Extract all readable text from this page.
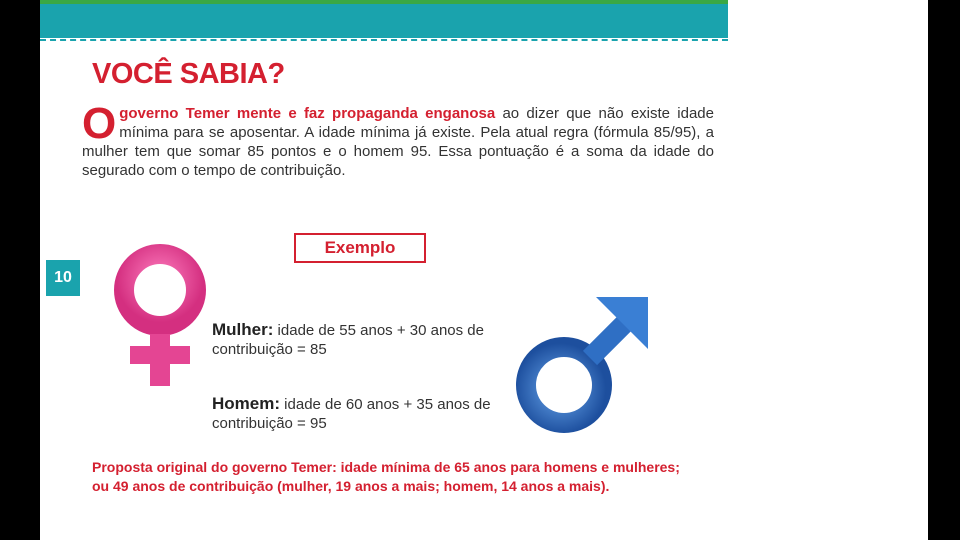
VOCÊ SABIA?
Ogoverno Temer mente e faz propaganda enganosa ao dizer que não existe idade mínima para se aposentar. A idade mínima já existe. Pela atual regra (fórmula 85/95), a mulher tem que somar 85 pontos e o homem 95. Essa pontuação é a soma da idade do segurado com o tempo de contribuição.
10
Exemplo
Mulher: idade de 55 anos + 30 anos de contribuição = 85
Homem: idade de 60 anos + 35 anos de contribuição = 95
Proposta original do governo Temer: idade mínima de 65 anos para homens e mulheres; ou 49 anos de contribuição (mulher, 19 anos a mais; homem, 14 anos a mais).
